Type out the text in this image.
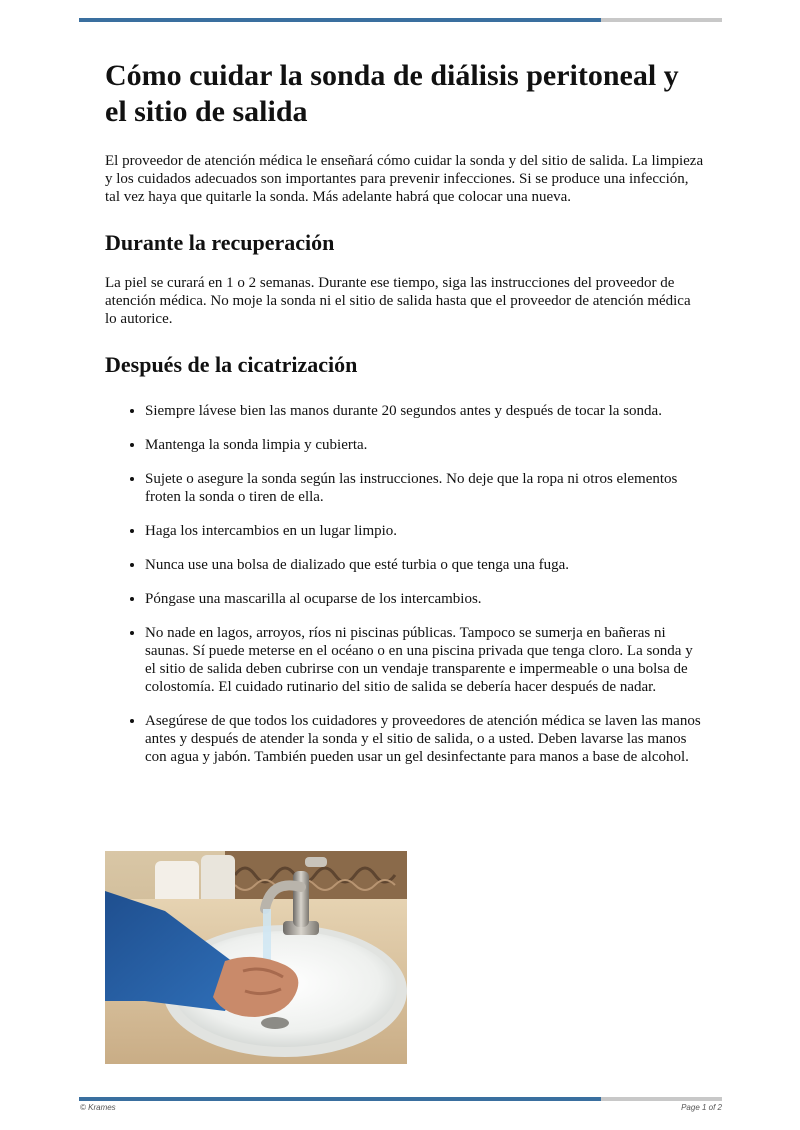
Cómo cuidar la sonda de diálisis peritoneal y el sitio de salida

El proveedor de atención médica le enseñará cómo cuidar la sonda y del sitio de salida. La limpieza y los cuidados adecuados son importantes para prevenir infecciones. Si se produce una infección, tal vez haya que quitarle la sonda. Más adelante habrá que colocar una nueva.

Durante la recuperación

La piel se curará en 1 o 2 semanas. Durante ese tiempo, siga las instrucciones del proveedor de atención médica. No moje la sonda ni el sitio de salida hasta que el proveedor de atención médica lo autorice.

Después de la cicatrización
• Siempre lávese bien las manos durante 20 segundos antes y después de tocar la sonda.
• Mantenga la sonda limpia y cubierta.
• Sujete o asegure la sonda según las instrucciones. No deje que la ropa ni otros elementos froten la sonda o tiren de ella.
• Haga los intercambios en un lugar limpio.
• Nunca use una bolsa de dializado que esté turbia o que tenga una fuga.
• Póngase una mascarilla al ocuparse de los intercambios.
• No nade en lagos, arroyos, ríos ni piscinas públicas. Tampoco se sumerja en bañeras ni saunas. Sí puede meterse en el océano o en una piscina privada que tenga cloro. La sonda y el sitio de salida deben cubrirse con un vendaje transparente e impermeable o una bolsa de colostomía. El cuidado rutinario del sitio de salida se debería hacer después de nadar.
• Asegúrese de que todos los cuidadores y proveedores de atención médica se laven las manos antes y después de atender la sonda y el sitio de salida, o a usted. Deben lavarse las manos con agua y jabón. También pueden usar un gel desinfectante para manos a base de alcohol.
© Krames	Page 1 of 2
